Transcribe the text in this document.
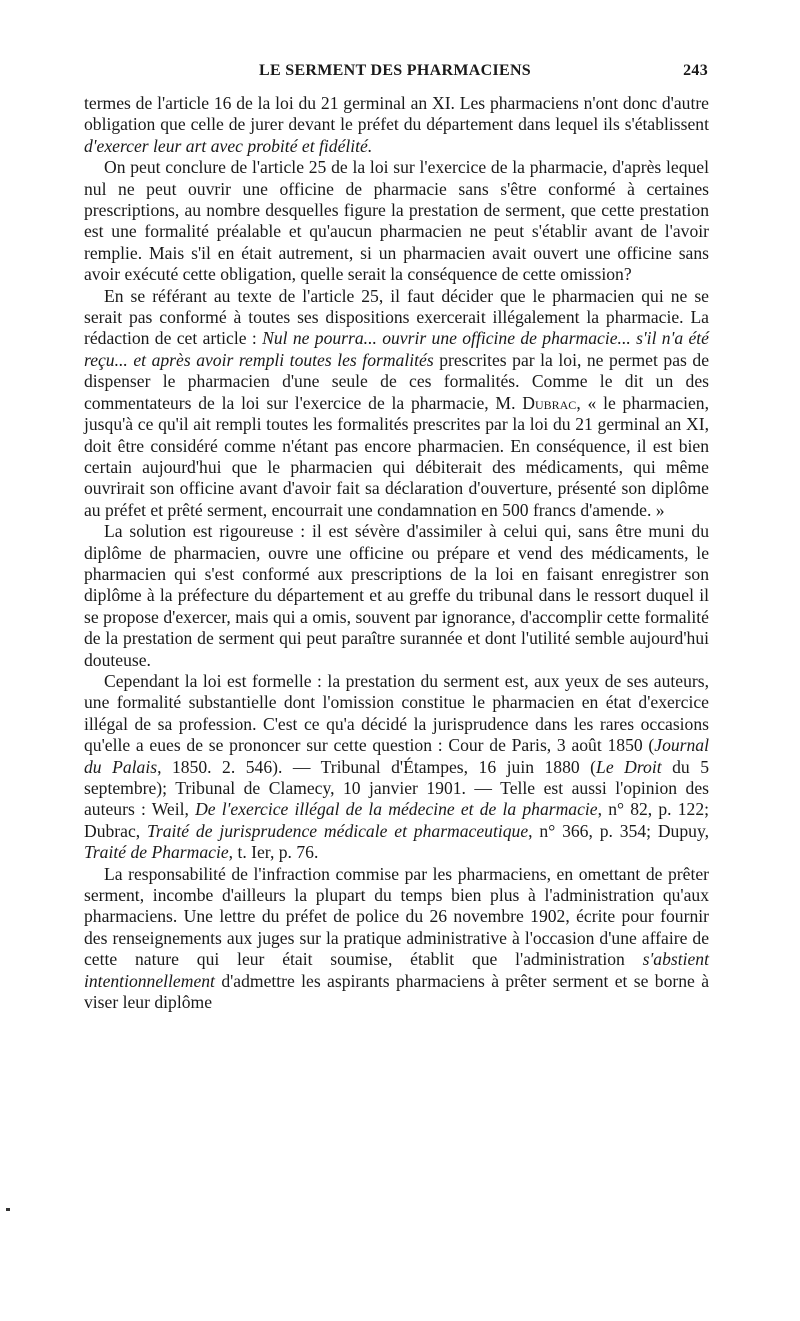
LE SERMENT DES PHARMACIENS	243

termes de l'article 16 de la loi du 21 germinal an XI. Les pharmaciens n'ont donc d'autre obligation que celle de jurer devant le préfet du département dans lequel ils s'établissent d'exercer leur art avec probité et fidélité.

On peut conclure de l'article 25 de la loi sur l'exercice de la pharmacie, d'après lequel nul ne peut ouvrir une officine de pharmacie sans s'être conformé à certaines prescriptions, au nombre desquelles figure la prestation de serment, que cette prestation est une formalité préalable et qu'aucun pharmacien ne peut s'établir avant de l'avoir remplie. Mais s'il en était autrement, si un pharmacien avait ouvert une officine sans avoir exécuté cette obligation, quelle serait la conséquence de cette omission?

En se référant au texte de l'article 25, il faut décider que le pharmacien qui ne se serait pas conformé à toutes ses dispositions exercerait illégalement la pharmacie. La rédaction de cet article : Nul ne pourra... ouvrir une officine de pharmacie... s'il n'a été reçu... et après avoir rempli toutes les formalités prescrites par la loi, ne permet pas de dispenser le pharmacien d'une seule de ces formalités. Comme le dit un des commentateurs de la loi sur l'exercice de la pharmacie, M. Dubrac, « le pharmacien, jusqu'à ce qu'il ait rempli toutes les formalités prescrites par la loi du 21 germinal an XI, doit être considéré comme n'étant pas encore pharmacien. En conséquence, il est bien certain aujourd'hui que le pharmacien qui débiterait des médicaments, qui même ouvrirait son officine avant d'avoir fait sa déclaration d'ouverture, présenté son diplôme au préfet et prêté serment, encourrait une condamnation en 500 francs d'amende. »

La solution est rigoureuse : il est sévère d'assimiler à celui qui, sans être muni du diplôme de pharmacien, ouvre une officine ou prépare et vend des médicaments, le pharmacien qui s'est conformé aux prescriptions de la loi en faisant enregistrer son diplôme à la préfecture du département et au greffe du tribunal dans le ressort duquel il se propose d'exercer, mais qui a omis, souvent par ignorance, d'accomplir cette formalité de la prestation de serment qui peut paraître surannée et dont l'utilité semble aujourd'hui douteuse.

Cependant la loi est formelle : la prestation du serment est, aux yeux de ses auteurs, une formalité substantielle dont l'omission constitue le pharmacien en état d'exercice illégal de sa profession. C'est ce qu'a décidé la jurisprudence dans les rares occasions qu'elle a eues de se prononcer sur cette question : Cour de Paris, 3 août 1850 (Journal du Palais, 1850. 2. 546). — Tribunal d'Étampes, 16 juin 1880 (Le Droit du 5 septembre); Tribunal de Clamecy, 10 janvier 1901. — Telle est aussi l'opinion des auteurs : Weil, De l'exercice illégal de la médecine et de la pharmacie, n° 82, p. 122; Dubrac, Traité de jurisprudence médicale et pharmaceutique, n° 366, p. 354; Dupuy, Traité de Pharmacie, t. Ier, p. 76.

La responsabilité de l'infraction commise par les pharmaciens, en omettant de prêter serment, incombe d'ailleurs la plupart du temps bien plus à l'administration qu'aux pharmaciens. Une lettre du préfet de police du 26 novembre 1902, écrite pour fournir des renseignements aux juges sur la pratique administrative à l'occasion d'une affaire de cette nature qui leur était soumise, établit que l'administration s'abstient intentionnellement d'admettre les aspirants pharmaciens à prêter serment et se borne à viser leur diplôme
